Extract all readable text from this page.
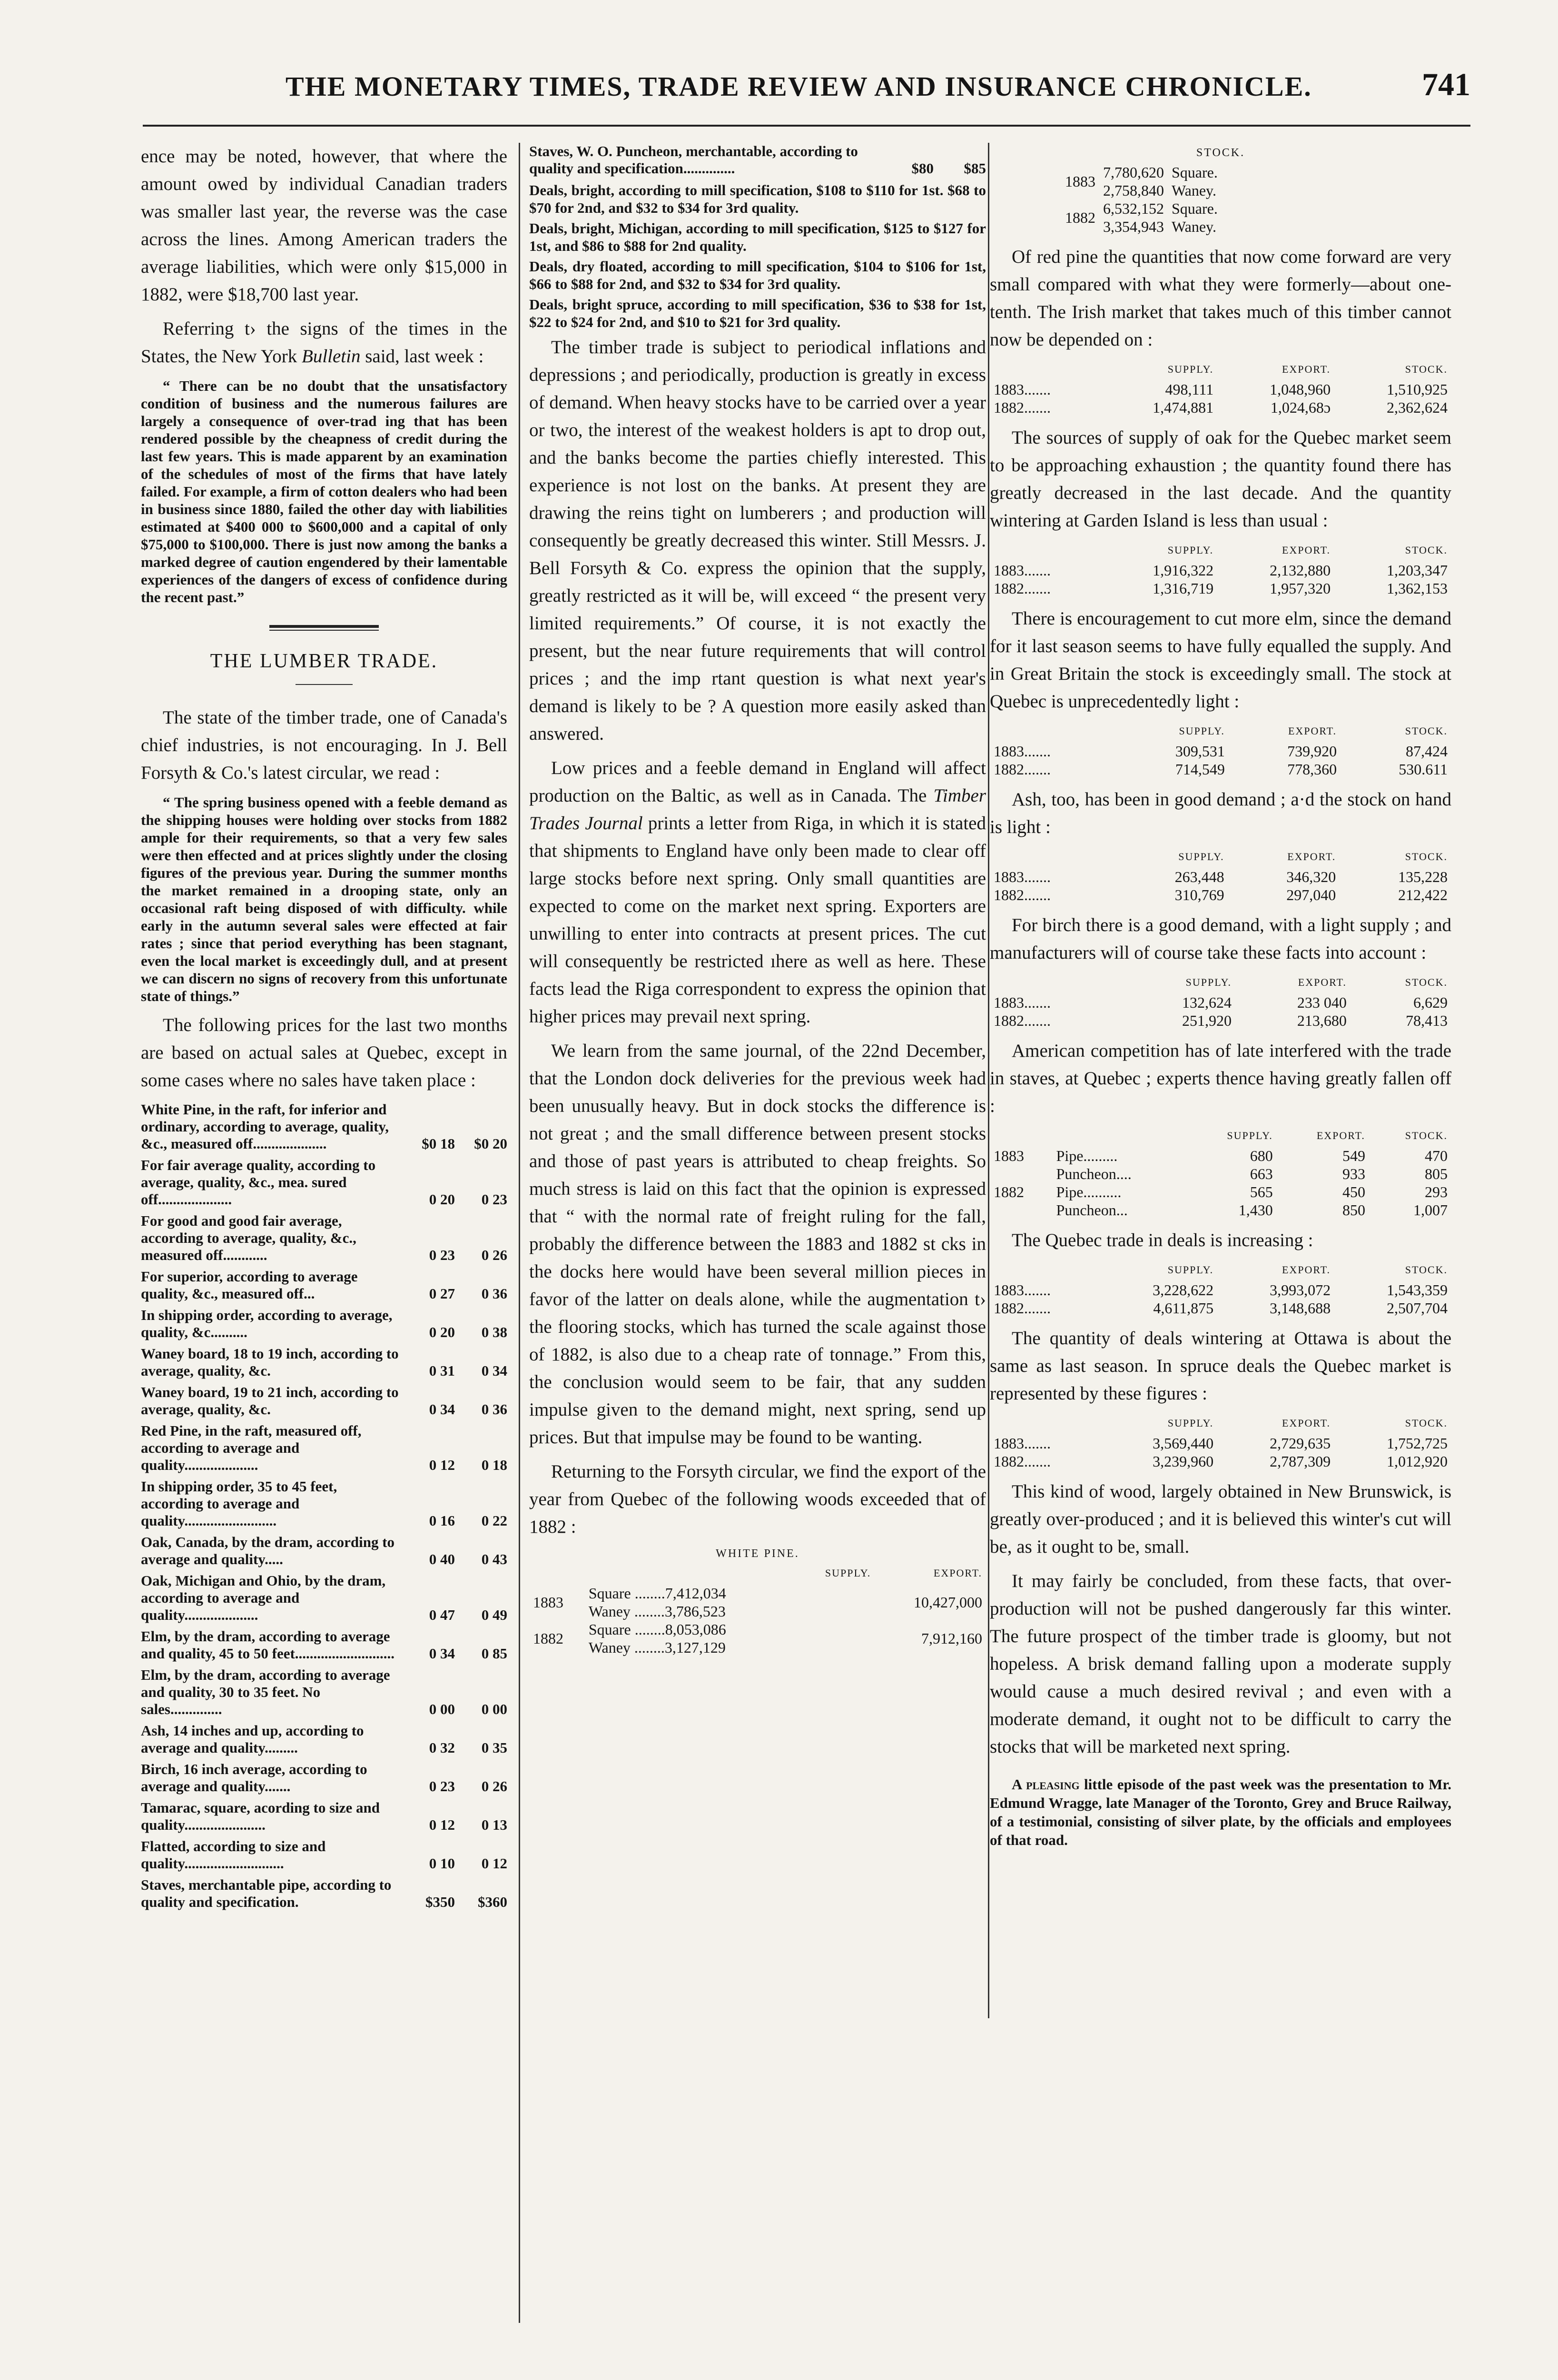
THE MONETARY TIMES, TRADE REVIEW AND INSURANCE CHRONICLE.	741

ence may be noted, however, that where the amount owed by individual Canadian traders was smaller last year, the reverse was the case across the lines. Among American traders the average liabilities, which were only $15,000 in 1882, were $18,700 last year.

Referring t› the signs of the times in the States, the New York Bulletin said, last week :

“ There can be no doubt that the unsatisfactory condition of business and the numerous failures are largely a consequence of over-trad ing that has been rendered possible by the cheapness of credit during the last few years. This is made apparent by an examination of the schedules of most of the firms that have lately failed. For example, a firm of cotton dealers who had been in business since 1880, failed the other day with liabilities estimated at $400 000 to $600,000 and a capital of only $75,000 to $100,000. There is just now among the banks a marked degree of caution engendered by their lamentable experiences of the dangers of excess of confidence during the recent past.”

THE LUMBER TRADE.

The state of the timber trade, one of Canada's chief industries, is not encouraging. In J. Bell Forsyth & Co.'s latest circular, we read :

“ The spring business opened with a feeble demand as the shipping houses were holding over stocks from 1882 ample for their requirements, so that a very few sales were then effected and at prices slightly under the closing figures of the previous year. During the summer months the market remained in a drooping state, only an occasional raft being disposed of with difficulty. while early in the autumn several sales were effected at fair rates ; since that period everything has been stagnant, even the local market is exceedingly dull, and at present we can discern no signs of recovery from this unfortunate state of things.”

The following prices for the last two months are based on actual sales at Quebec, except in some cases where no sales have taken place :

White Pine, in the raft, for inferior and ordinary, according to average, quality, &c., measured off....................	$0 18	$0 20
For fair average quality, according to average, quality, &c., mea. sured off....................	0 20	0 23
For good and good fair average, according to average, quality, &c., measured off............	0 23	0 26
For superior, according to average quality, &c., measured off...	0 27	0 36
In shipping order, according to average, quality, &c..........	0 20	0 38
Waney board, 18 to 19 inch, according to average, quality, &c.	0 31	0 34
Waney board, 19 to 21 inch, according to average, quality, &c.	0 34	0 36
Red Pine, in the raft, measured off, according to average and quality....................	0 12	0 18
In shipping order, 35 to 45 feet, according to average and quality.........................	0 16	0 22
Oak, Canada, by the dram, according to average and quality.....	0 40	0 43
Oak, Michigan and Ohio, by the dram, according to average and quality....................	0 47	0 49
Elm, by the dram, according to average and quality, 45 to 50 feet...........................	0 34	0 85
Elm, by the dram, according to average and quality, 30 to 35 feet. No sales..............	0 00	0 00
Ash, 14 inches and up, according to average and quality.........	0 32	0 35
Birch, 16 inch average, according to average and quality.......	0 23	0 26
Tamarac, square, acording to size and quality......................	0 12	0 13
Flatted, according to size and quality...........................	0 10	0 12
Staves, merchantable pipe, according to quality and specification.	$350	$360
Staves, W. O. Puncheon, merchantable, according to quality and specification..............	$80	$85

Deals, bright, according to mill specification, $108 to $110 for 1st. $68 to $70 for 2nd, and $32 to $34 for 3rd quality.

Deals, bright, Michigan, according to mill specification, $125 to $127 for 1st, and $86 to $88 for 2nd quality.

Deals, dry floated, according to mill specification, $104 to $106 for 1st, $66 to $88 for 2nd, and $32 to $34 for 3rd quality.

Deals, bright spruce, according to mill specification, $36 to $38 for 1st, $22 to $24 for 2nd, and $10 to $21 for 3rd quality.

The timber trade is subject to periodical inflations and depressions ; and periodically, production is greatly in excess of demand. When heavy stocks have to be carried over a year or two, the interest of the weakest holders is apt to drop out, and the banks become the parties chiefly interested. This experience is not lost on the banks. At present they are drawing the reins tight on lumberers ; and production will consequently be greatly decreased this winter. Still Messrs. J. Bell Forsyth & Co. express the opinion that the supply, greatly restricted as it will be, will exceed “ the present very limited requirements.” Of course, it is not exactly the present, but the near future requirements that will control prices ; and the imp rtant question is what next year's demand is likely to be ? A question more easily asked than answered.

Low prices and a feeble demand in England will affect production on the Baltic, as well as in Canada. The Timber Trades Journal prints a letter from Riga, in which it is stated that shipments to England have only been made to clear off large stocks before next spring. Only small quantities are expected to come on the market next spring. Exporters are unwilling to enter into contracts at present prices. The cut will consequently be restricted ıhere as well as here. These facts lead the Riga correspondent to express the opinion that higher prices may prevail next spring.

We learn from the same journal, of the 22nd December, that the London dock deliveries for the previous week had been unusually heavy. But in dock stocks the difference is not great ; and the small difference between present stocks and those of past years is attributed to cheap freights. So much stress is laid on this fact that the opinion is expressed that “ with the normal rate of freight ruling for the fall, probably the difference between the 1883 and 1882 st cks in the docks here would have been several million pieces in favor of the latter on deals alone, while the augmentation t› the flooring stocks, which has turned the scale against those of 1882, is also due to a cheap rate of tonnage.” From this, the conclusion would seem to be fair, that any sudden impulse given to the demand might, next spring, send up prices. But that impulse may be found to be wanting.

Returning to the Forsyth circular, we find the export of the year from Quebec of the following woods exceeded that of 1882 :

WHITE PINE.
		SUPPLY.	EXPORT.
1883	Square ........7,412,034		10,427,000
	Waney ........3,786,523		
1882	Square ........8,053,086		7,912,160
	Waney ........3,127,129		
STOCK.
1883	7,780,620	Square.
	2,758,840	Waney.
1882	6,532,152	Square.
	3,354,943	Waney.

Of red pine the quantities that now come forward are very small compared with what they were formerly—about one-tenth. The Irish market that takes much of this timber cannot now be depended on :

	SUPPLY.	EXPORT.	STOCK.
1883.......	498,111	1,048,960	1,510,925
1882.......	1,474,881	1,024,68ɔ	2,362,624

The sources of supply of oak for the Quebec market seem to be approaching exhaustion ; the quantity found there has greatly decreased in the last decade. And the quantity wintering at Garden Island is less than usual :

	SUPPLY.	EXPORT.	STOCK.
1883.......	1,916,322	2,132,880	1,203,347
1882.......	1,316,719	1,957,320	1,362,153

There is encouragement to cut more elm, since the demand for it last season seems to have fully equalled the supply. And in Great Britain the stock is exceedingly small. The stock at Quebec is unprecedentedly light :

	SUPPLY.	EXPORT.	STOCK.
1883.......	309,531	739,920	87,424
1882.......	714,549	778,360	530.611

Ash, too, has been in good demand ; a·d the stock on hand is light :

	SUPPLY.	EXPORT.	STOCK.
1883.......	263,448	346,320	135,228
1882.......	310,769	297,040	212,422

For birch there is a good demand, with a light supply ; and manufacturers will of course take these facts into account :

	SUPPLY.	EXPORT.	STOCK.
1883.......	132,624	233 040	6,629
1882.......	251,920	213,680	78,413

American competition has of late interfered with the trade in staves, at Quebec ; experts thence having greatly fallen off :

		SUPPLY.	EXPORT.	STOCK.
1883	Pipe.........	680	549	470
	Puncheon....	663	933	805
1882	Pipe..........	565	450	293
	Puncheon...	1,430	850	1,007

The Quebec trade in deals is increasing :

	SUPPLY.	EXPORT.	STOCK.
1883.......	3,228,622	3,993,072	1,543,359
1882.......	4,611,875	3,148,688	2,507,704

The quantity of deals wintering at Ottawa is about the same as last season. In spruce deals the Quebec market is represented by these figures :

	SUPPLY.	EXPORT.	STOCK.
1883.......	3,569,440	2,729,635	1,752,725
1882.......	3,239,960	2,787,309	1,012,920

This kind of wood, largely obtained in New Brunswick, is greatly over-produced ; and it is believed this winter's cut will be, as it ought to be, small.

It may fairly be concluded, from these facts, that over-production will not be pushed dangerously far this winter. The future prospect of the timber trade is gloomy, but not hopeless. A brisk demand falling upon a moderate supply would cause a much desired revival ; and even with a moderate demand, it ought not to be difficult to carry the stocks that will be marketed next spring.

A pleasing little episode of the past week was the presentation to Mr. Edmund Wragge, late Manager of the Toronto, Grey and Bruce Railway, of a testimonial, consisting of silver plate, by the officials and employees of that road.
